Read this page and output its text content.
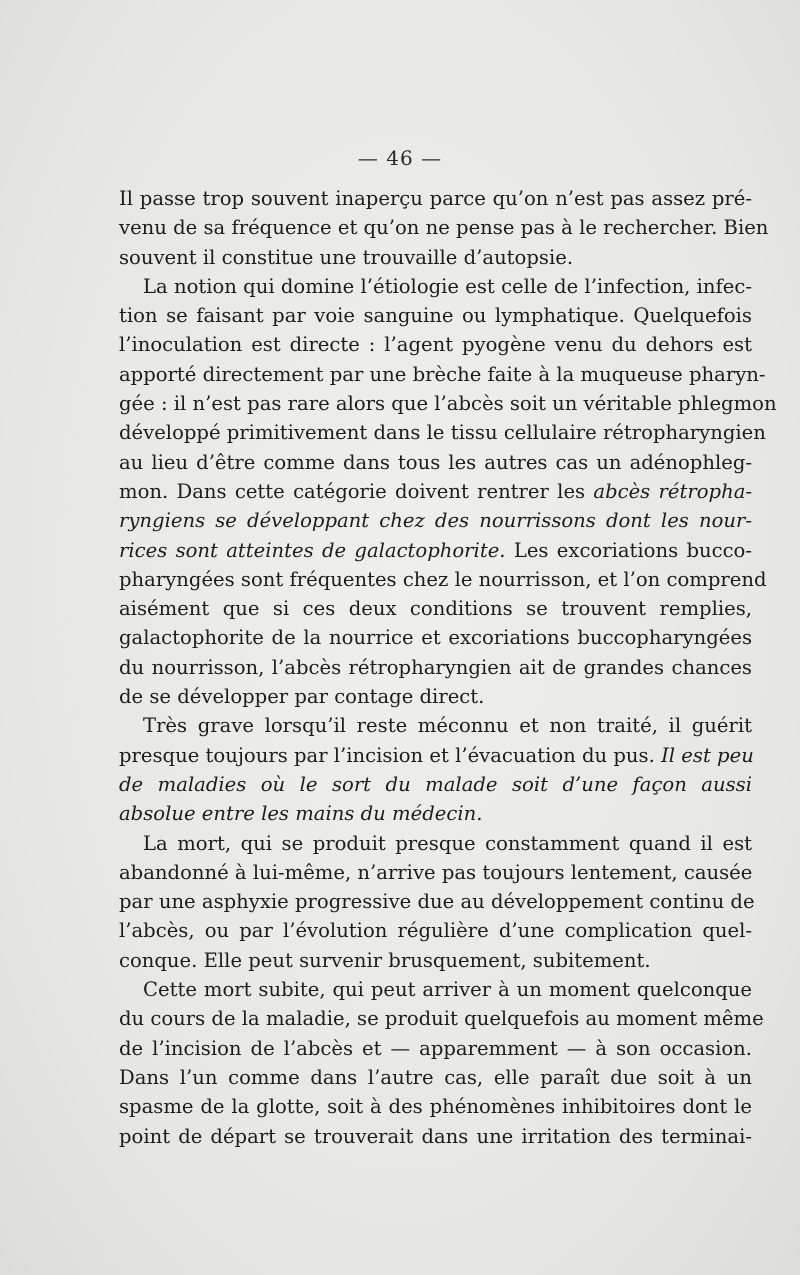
— 46 —
Il passe trop souvent inaperçu parce qu’on n’est pas assez pré-
venu de sa fréquence et qu’on ne pense pas à le rechercher. Bien
souvent il constitue une trouvaille d’autopsie.
La notion qui domine l’étiologie est celle de l’infection, infec-
tion se faisant par voie sanguine ou lymphatique. Quelquefois
l’inoculation est directe : l’agent pyogène venu du dehors est
apporté directement par une brèche faite à la muqueuse pharyn-
gée : il n’est pas rare alors que l’abcès soit un véritable phlegmon
développé primitivement dans le tissu cellulaire rétropharyngien
au lieu d’être comme dans tous les autres cas un adénophleg-
mon. Dans cette catégorie doivent rentrer les abcès rétropha-
ryngiens se développant chez des nourrissons dont les nour-
rices sont atteintes de galactophorite. Les excoriations bucco-
pharyngées sont fréquentes chez le nourrisson, et l’on comprend
aisément que si ces deux conditions se trouvent remplies,
galactophorite de la nourrice et excoriations buccopharyngées
du nourrisson, l’abcès rétropharyngien ait de grandes chances
de se développer par contage direct.
Très grave lorsqu’il reste méconnu et non traité, il guérit
presque toujours par l’incision et l’évacuation du pus. Il est peu
de maladies où le sort du malade soit d’une façon aussi
absolue entre les mains du médecin.
La mort, qui se produit presque constamment quand il est
abandonné à lui-même, n’arrive pas toujours lentement, causée
par une asphyxie progressive due au développement continu de
l’abcès, ou par l’évolution régulière d’une complication quel-
conque. Elle peut survenir brusquement, subitement.
Cette mort subite, qui peut arriver à un moment quelconque
du cours de la maladie, se produit quelquefois au moment même
de l’incision de l’abcès et — apparemment — à son occasion.
Dans l’un comme dans l’autre cas, elle paraît due soit à un
spasme de la glotte, soit à des phénomènes inhibitoires dont le
point de départ se trouverait dans une irritation des terminai-
